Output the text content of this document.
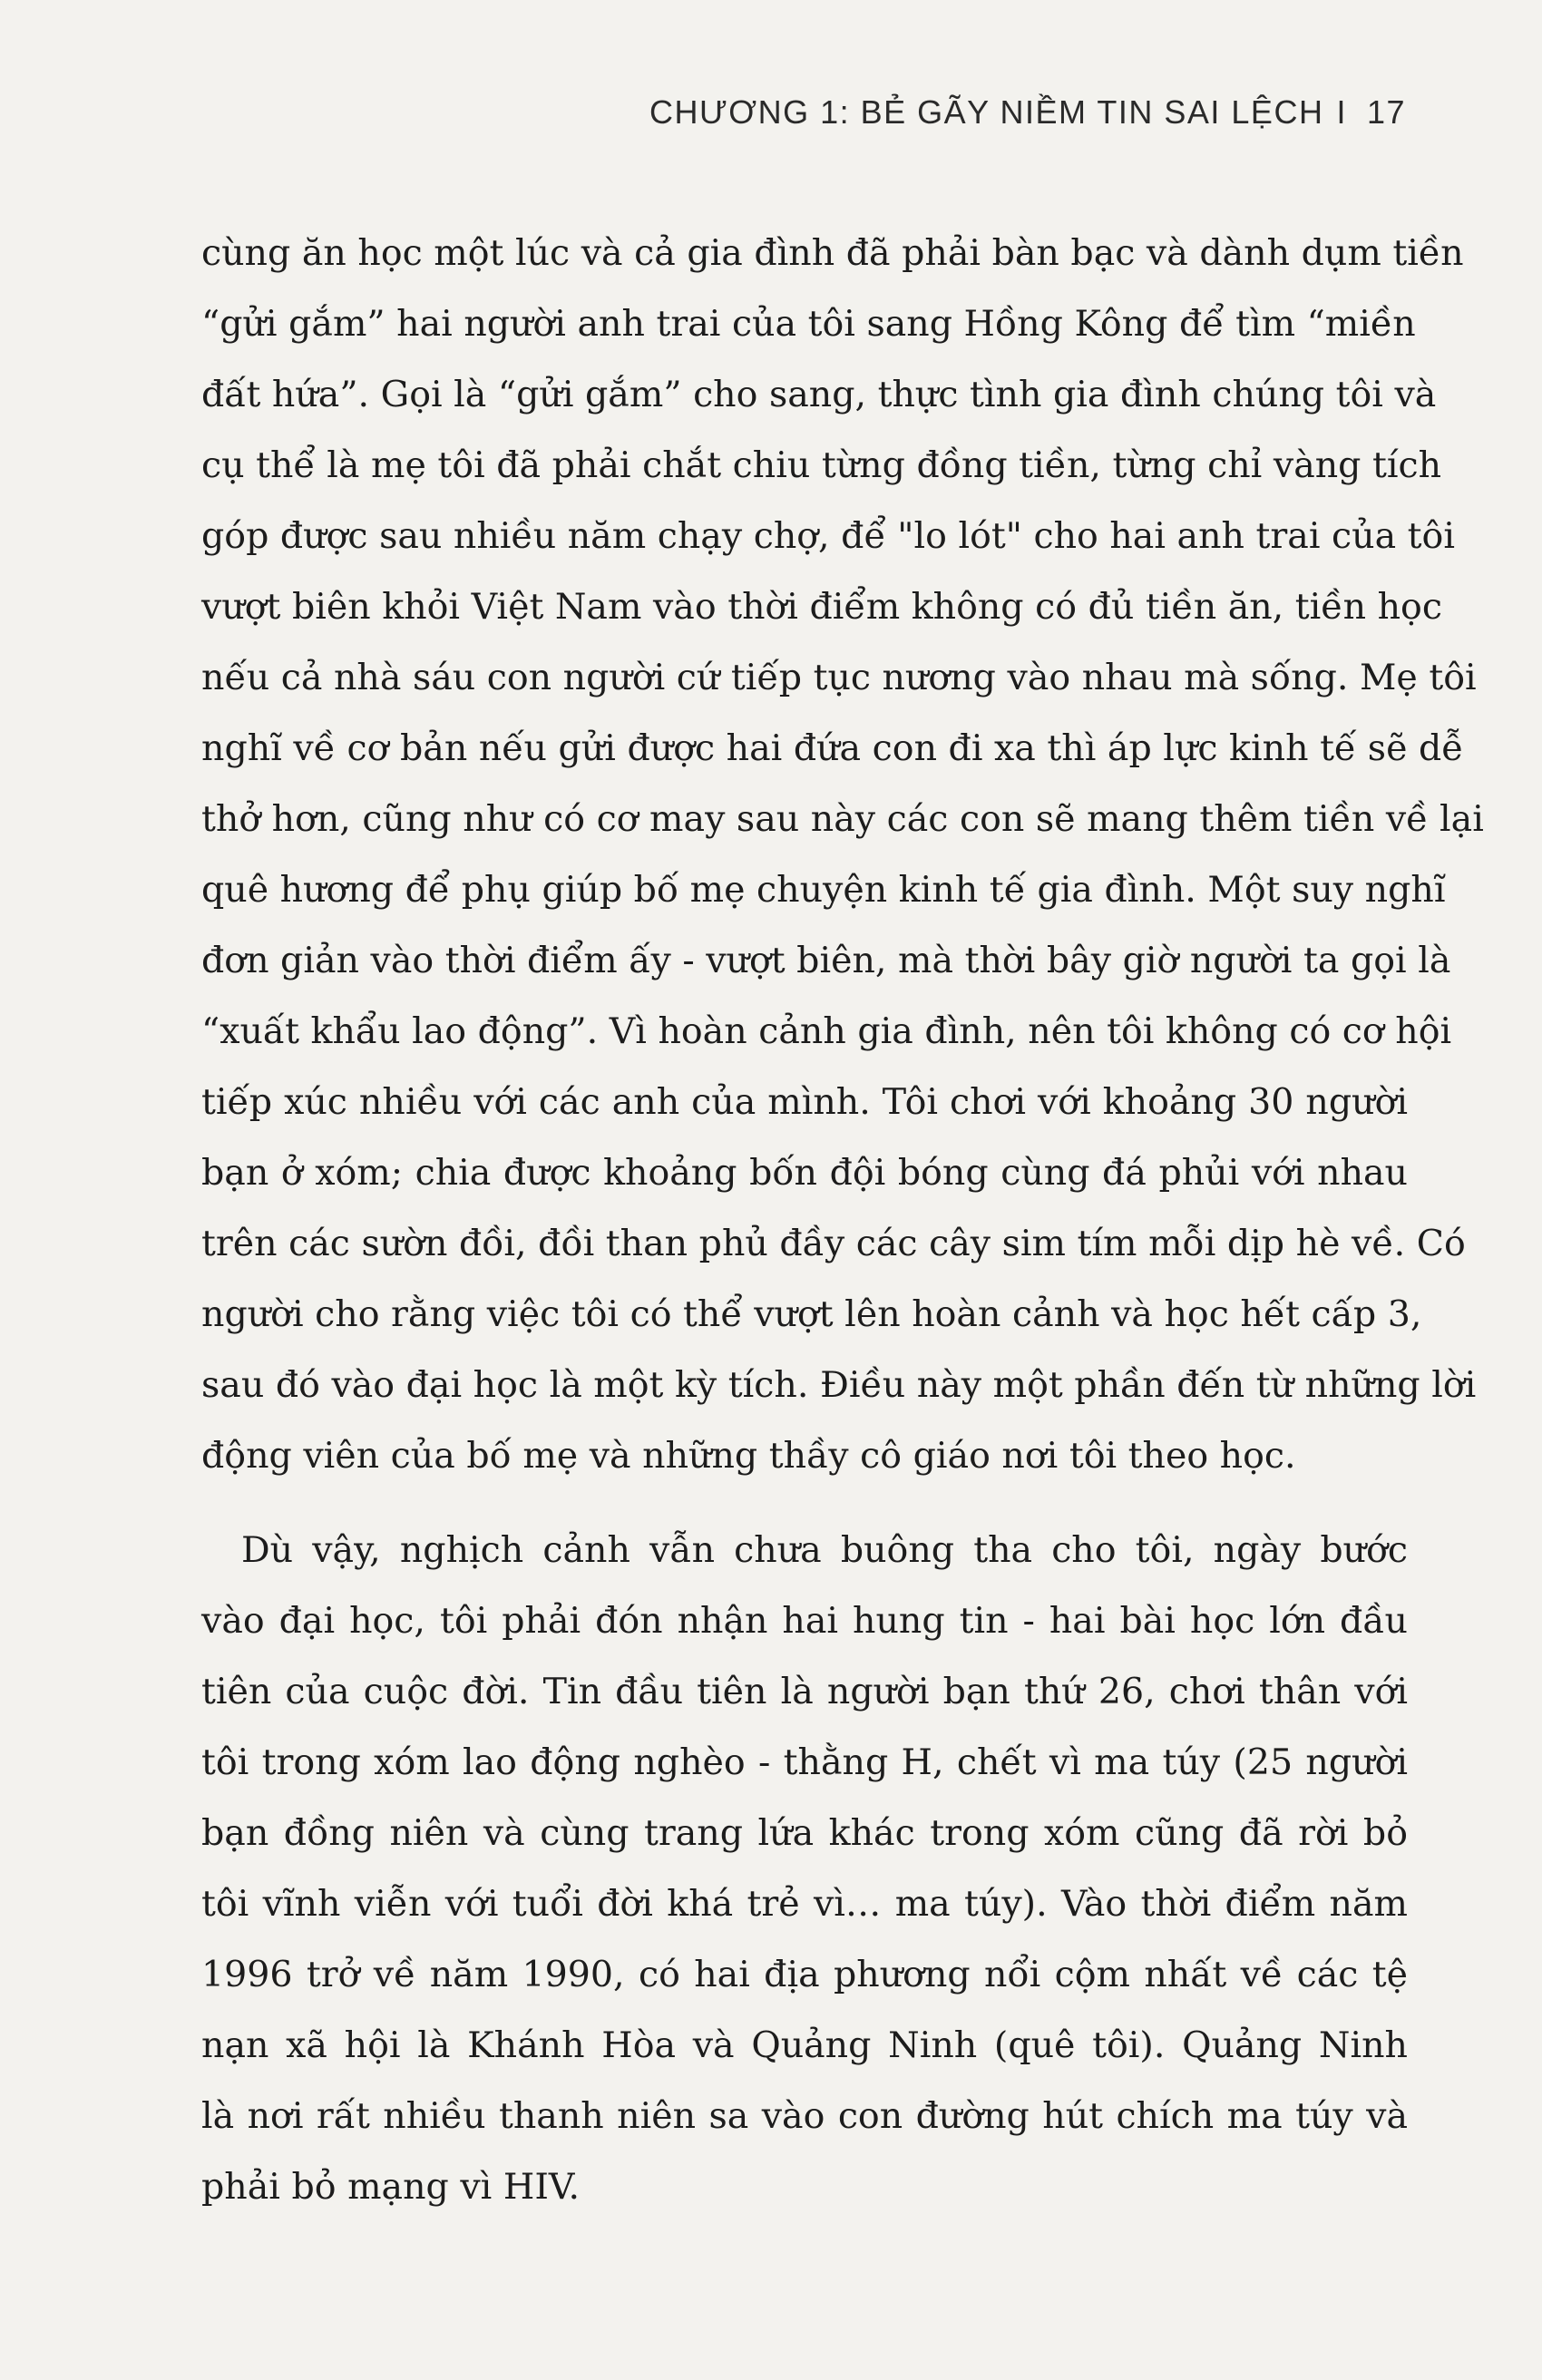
CHƯƠNG 1: BẺ GÃY NIỀM TIN SAI LỆCH I 17
cùng ăn học một lúc và cả gia đình đã phải bàn bạc và dành dụm tiền
“gửi gắm” hai người anh trai của tôi sang Hồng Kông để tìm “miền
đất hứa”. Gọi là “gửi gắm” cho sang, thực tình gia đình chúng tôi và
cụ thể là mẹ tôi đã phải chắt chiu từng đồng tiền, từng chỉ vàng tích
góp được sau nhiều năm chạy chợ, để "lo lót" cho hai anh trai của tôi
vượt biên khỏi Việt Nam vào thời điểm không có đủ tiền ăn, tiền học
nếu cả nhà sáu con người cứ tiếp tục nương vào nhau mà sống. Mẹ tôi
nghĩ về cơ bản nếu gửi được hai đứa con đi xa thì áp lực kinh tế sẽ dễ
thở hơn, cũng như có cơ may sau này các con sẽ mang thêm tiền về lại
quê hương để phụ giúp bố mẹ chuyện kinh tế gia đình. Một suy nghĩ
đơn giản vào thời điểm ấy - vượt biên, mà thời bây giờ người ta gọi là
“xuất khẩu lao động”. Vì hoàn cảnh gia đình, nên tôi không có cơ hội
tiếp xúc nhiều với các anh của mình. Tôi chơi với khoảng 30 người
bạn ở xóm; chia được khoảng bốn đội bóng cùng đá phủi với nhau
trên các sườn đồi, đồi than phủ đầy các cây sim tím mỗi dịp hè về. Có
người cho rằng việc tôi có thể vượt lên hoàn cảnh và học hết cấp 3,
sau đó vào đại học là một kỳ tích. Điều này một phần đến từ những lời
động viên của bố mẹ và những thầy cô giáo nơi tôi theo học.
Dù vậy, nghịch cảnh vẫn chưa buông tha cho tôi, ngày bước
vào đại học, tôi phải đón nhận hai hung tin - hai bài học lớn đầu
tiên của cuộc đời. Tin đầu tiên là người bạn thứ 26, chơi thân với
tôi trong xóm lao động nghèo - thằng H, chết vì ma túy (25 người
bạn đồng niên và cùng trang lứa khác trong xóm cũng đã rời bỏ
tôi vĩnh viễn với tuổi đời khá trẻ vì… ma túy). Vào thời điểm năm
1996 trở về năm 1990, có hai địa phương nổi cộm nhất về các tệ
nạn xã hội là Khánh Hòa và Quảng Ninh (quê tôi). Quảng Ninh
là nơi rất nhiều thanh niên sa vào con đường hút chích ma túy và
phải bỏ mạng vì HIV.
